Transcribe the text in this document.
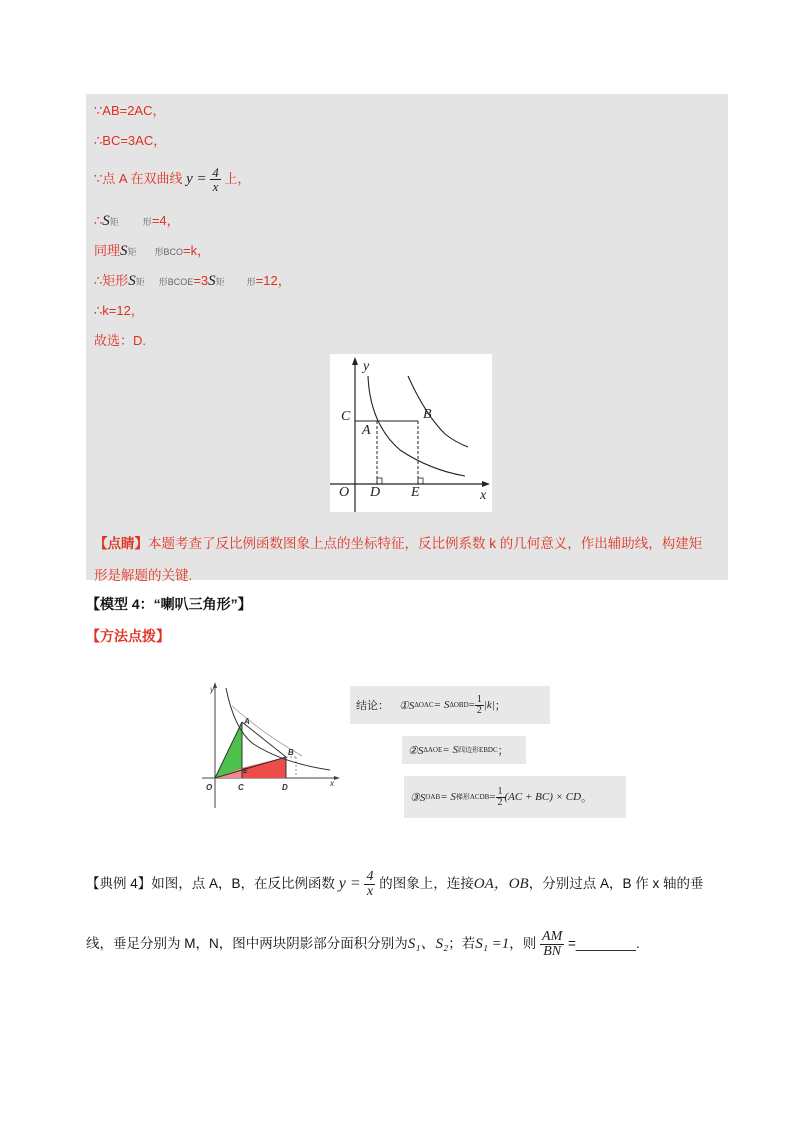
∵AB=2AC，
∴BC=3AC，
∵点 A 在双曲线 $y = \frac{4}{x}$ 上，
∴S矩	形=4，
同理S矩 形BCO=k，
∴矩形S矩 形BCOE=3S矩 形=12，
∴k=12，
故选：D.
y
C	B
A
O D E	x
【点睛】本题考查了反比例函数图象上点的坐标特征，反比例系数 k 的几何意义，作出辅助线，构建矩
形是解题的关键.
【模型 4：“喇叭三角形”】
【方法点拨】
y
A
B
O	C	D	x
E
结论： ①S ΔOAC = S $\Delta OBD = \frac{1}{2} |k|$ ；
②S ΔAOE = S 四边形EBDC ；
③S OAB = S 梯形ACDB = $\frac{1}{2} (AC + BC)$ × CD 。
【典例 4】如图，点 A，B，在反比例函数 $y = \frac{4}{x}$ 的图象上，连接OA，OB，分别过点 A，B 作 x 轴的垂
线，垂足分别为 M，N，图中两块阴影部分面积分别为S₁、S₂；若S₁ =1，则 $\frac{AM}{BN}$ =________.
